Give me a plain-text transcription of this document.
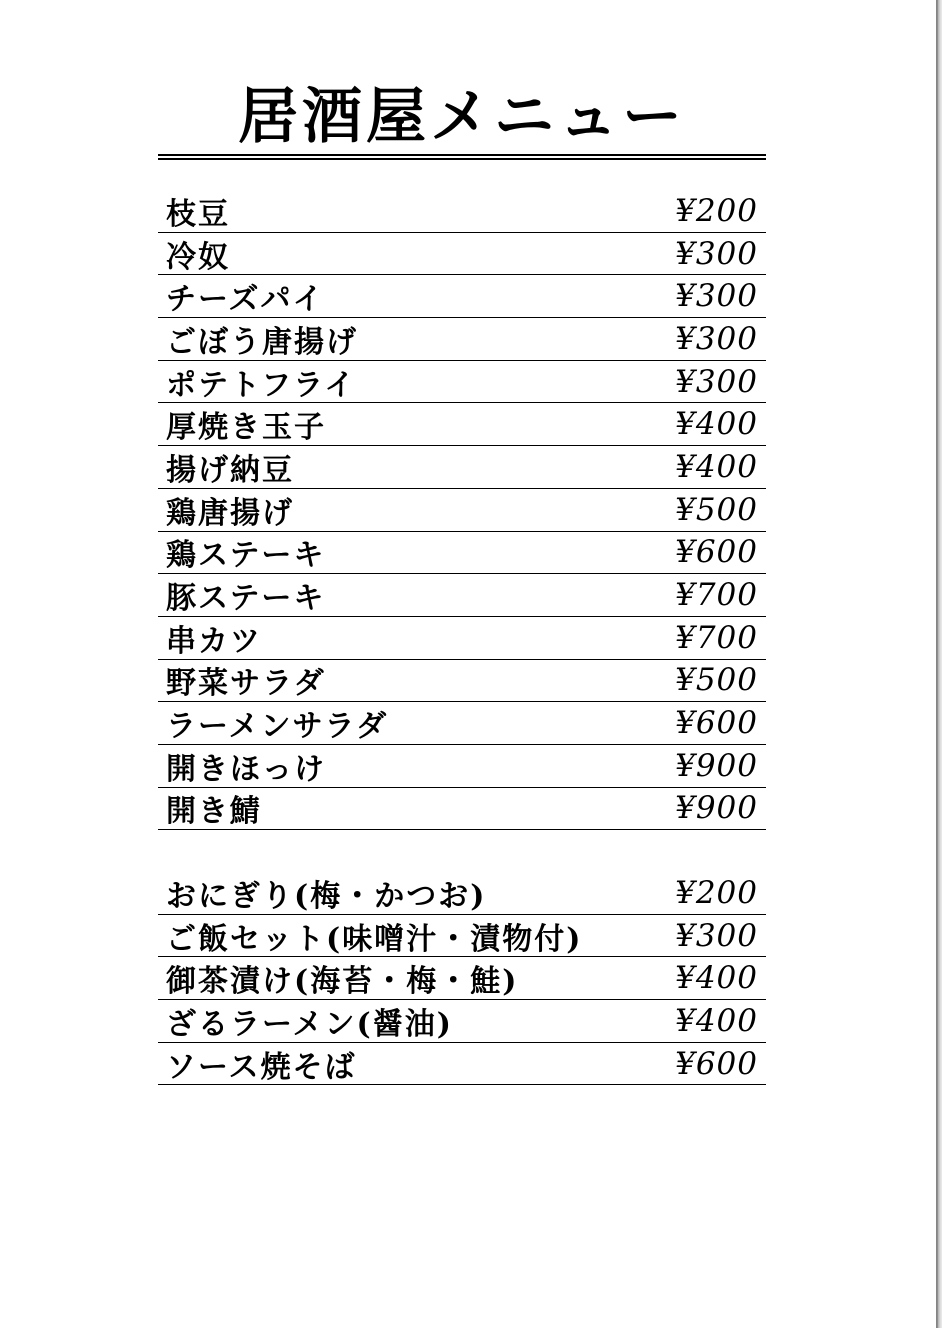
居酒屋メニュー
枝豆	¥200
冷奴	¥300
チーズパイ	¥300
ごぼう唐揚げ	¥300
ポテトフライ	¥300
厚焼き玉子	¥400
揚げ納豆	¥400
鶏唐揚げ	¥500
鶏ステーキ	¥600
豚ステーキ	¥700
串カツ	¥700
野菜サラダ	¥500
ラーメンサラダ	¥600
開きほっけ	¥900
開き鯖	¥900
おにぎり(梅・かつお)	¥200
ご飯セット(味噌汁・漬物付)	¥300
御茶漬け(海苔・梅・鮭)	¥400
ざるラーメン(醤油)	¥400
ソース焼そば	¥600
